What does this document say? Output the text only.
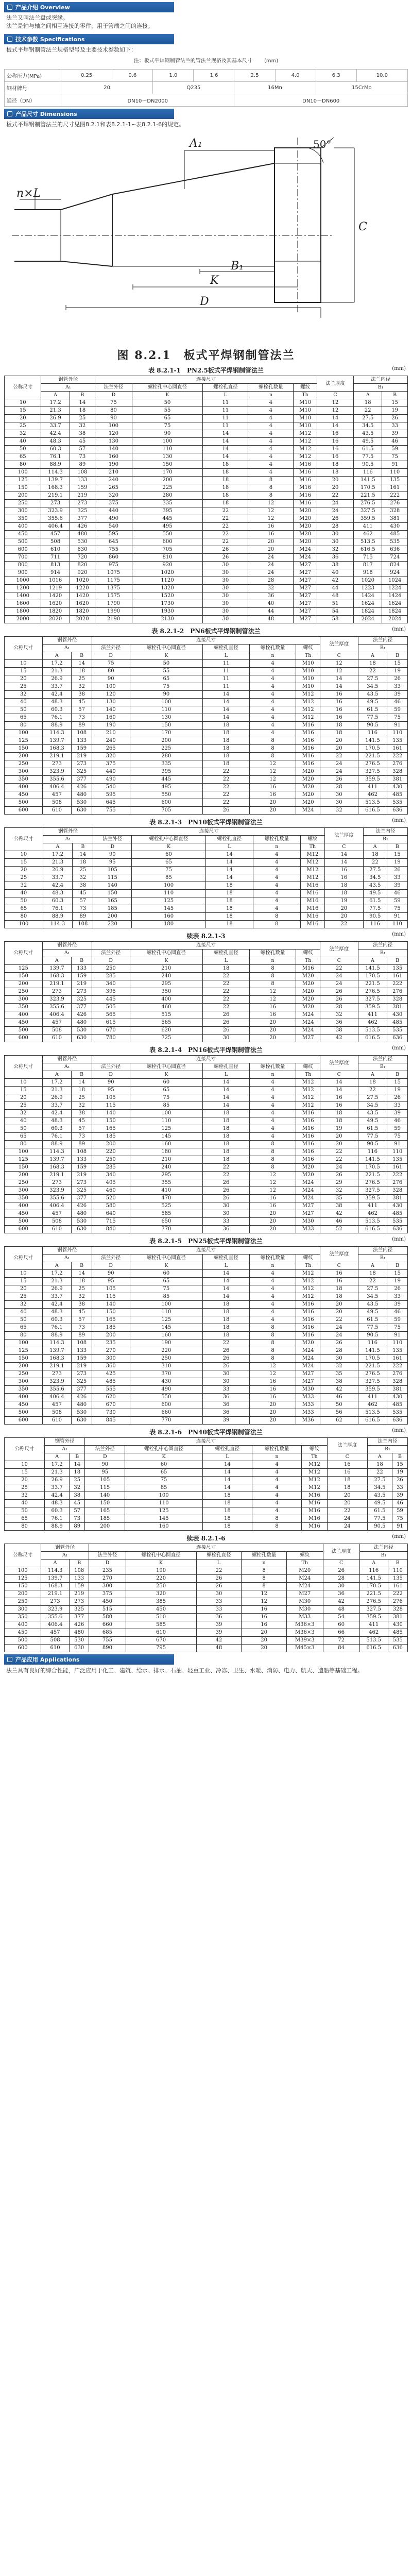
产品介绍 Overview
法兰又叫法兰盘或突缘。
法兰是轴与轴之间相互连接的零件，用于管端之间的连接。
技术参数 Specifications
板式平焊钢制管法兰规格型号及主要技术参数如下：
注：板式平焊钢制管法兰的管法兰规格及其基本尺寸 (mm)
公称压力(MPa)	0.25	0.6	1.0	1.6	2.5	4.0	6.3	10.0
钢材牌号	20		Q235		16Mn		15CrMo	
通径（DN）	DN10～DN2000				DN10～DN600			
产品尺寸 Dimensions
板式平焊钢制管法兰的尺寸见图8.2.1和表8.2.1-1~表8.2.1-6的规定。
A₁	50°
n×L
B₁
K
D
C
图 8.2.1　板式平焊钢制管法兰
表 8.2.1-1　PN2.5板式平焊钢制管法兰	(mm)
公称尺寸	钢管外径		连接尺寸					法兰厚度	法兰内径	
	A₁		法兰外径	螺栓孔中心圆直径	螺栓孔直径	螺栓孔数量	螺纹		B₁	
	A	B	D	K	L	n	Th	C	A	B
10	17.2	14	75	50	11	4	M10	12	18	15
15	21.3	18	80	55	11	4	M10	12	22	19
20	26.9	25	90	65	11	4	M10	14	27.5	26
25	33.7	32	100	75	11	4	M10	14	34.5	33
32	42.4	38	120	90	14	4	M12	16	43.5	39
40	48.3	45	130	100	14	4	M12	16	49.5	46
50	60.3	57	140	110	14	4	M12	16	61.5	59
65	76.1	73	160	130	14	4	M12	16	77.5	75
80	88.9	89	190	150	18	4	M16	18	90.5	91
100	114.3	108	210	170	18	4	M16	18	116	110
125	139.7	133	240	200	18	8	M16	20	141.5	135
150	168.3	159	265	225	18	8	M16	20	170.5	161
200	219.1	219	320	280	18	8	M16	22	221.5	222
250	273	273	375	335	18	12	M16	24	276.5	276
300	323.9	325	440	395	22	12	M20	24	327.5	328
350	355.6	377	490	445	22	12	M20	26	359.5	381
400	406.4	426	540	495	22	16	M20	28	411	430
450	457	480	595	550	22	16	M20	30	462	485
500	508	530	645	600	22	20	M20	30	513.5	535
600	610	630	755	705	26	20	M24	32	616.5	636
700	711	720	860	810	26	24	M24	36	715	724
800	813	820	975	920	30	24	M27	38	817	824
900	914	920	1075	1020	30	24	M27	40	918	924
1000	1016	1020	1175	1120	30	28	M27	42	1020	1024
1200	1219	1220	1375	1320	30	32	M27	44	1223	1224
1400	1420	1420	1575	1520	30	36	M27	48	1424	1424
1600	1620	1620	1790	1730	30	40	M27	51	1624	1624
1800	1820	1820	1990	1930	30	44	M27	54	1824	1824
2000	2020	2020	2190	2130	30	48	M27	58	2024	2024
表 8.2.1-2　PN6板式平焊钢制管法兰	(mm)
公称尺寸	钢管外径		连接尺寸					法兰厚度	法兰内径	
	A₁		法兰外径	螺栓孔中心圆直径	螺栓孔直径	螺栓孔数量	螺纹		B₁	
	A	B	D	K	L	n	Th	C	A	B
10	17.2	14	75	50	11	4	M10	12	18	15
15	21.3	18	80	55	11	4	M10	12	22	19
20	26.9	25	90	65	11	4	M10	14	27.5	26
25	33.7	32	100	75	11	4	M10	14	34.5	33
32	42.4	38	120	90	14	4	M12	16	43.5	39
40	48.3	45	130	100	14	4	M12	16	49.5	46
50	60.3	57	140	110	14	4	M12	16	61.5	59
65	76.1	73	160	130	14	4	M12	16	77.5	75
80	88.9	89	190	150	18	4	M16	18	90.5	91
100	114.3	108	210	170	18	4	M16	18	116	110
125	139.7	133	240	200	18	8	M16	20	141.5	135
150	168.3	159	265	225	18	8	M16	20	170.5	161
200	219.1	219	320	280	18	8	M16	22	221.5	222
250	273	273	375	335	18	12	M16	24	276.5	276
300	323.9	325	440	395	22	12	M20	24	327.5	328
350	355.6	377	490	445	22	12	M20	26	359.5	381
400	406.4	426	540	495	22	16	M20	28	411	430
450	457	480	595	550	22	16	M20	30	462	485
500	508	530	645	600	22	20	M20	30	513.5	535
600	610	630	755	705	26	20	M24	32	616.5	636
表 8.2.1-3　PN10板式平焊钢制管法兰	(mm)
公称尺寸	钢管外径		连接尺寸					法兰厚度	法兰内径	
	A₁		法兰外径	螺栓孔中心圆直径	螺栓孔直径	螺栓孔数量	螺纹		B₁	
	A	B	D	K	L	n	Th	C	A	B
10	17.2	14	90	60	14	4	M12	14	18	15
15	21.3	18	95	65	14	4	M12	14	22	19
20	26.9	25	105	75	14	4	M12	16	27.5	26
25	33.7	32	115	85	14	4	M12	16	34.5	33
32	42.4	38	140	100	18	4	M16	18	43.5	39
40	48.3	45	150	110	18	4	M16	18	49.5	46
50	60.3	57	165	125	18	4	M16	19	61.5	59
65	76.1	73	185	145	18	4	M16	20	77.5	75
80	88.9	89	200	160	18	8	M16	20	90.5	91
100	114.3	108	220	180	18	8	M16	22	116	110
续表 8.2.1-3	(mm)
公称尺寸	钢管外径		连接尺寸					法兰厚度	法兰内径	
	A₁		法兰外径	螺栓孔中心圆直径	螺栓孔直径	螺栓孔数量	螺纹		B₁	
	A	B	D	K	L	n	Th	C	A	B
125	139.7	133	250	210	18	8	M16	22	141.5	135
150	168.3	159	285	240	22	8	M20	24	170.5	161
200	219.1	219	340	295	22	8	M20	24	221.5	222
250	273	273	395	350	22	12	M20	26	276.5	276
300	323.9	325	445	400	22	12	M20	26	327.5	328
350	355.6	377	505	460	22	16	M20	28	359.5	381
400	406.4	426	565	515	26	16	M24	32	411	430
450	457	480	615	565	26	20	M24	36	462	485
500	508	530	670	620	26	20	M24	38	513.5	535
600	610	630	780	725	30	20	M27	42	616.5	636
表 8.2.1-4　PN16板式平焊钢制管法兰	(mm)
公称尺寸	钢管外径		连接尺寸					法兰厚度	法兰内径	
	A₁		法兰外径	螺栓孔中心圆直径	螺栓孔直径	螺栓孔数量	螺纹		B₁	
	A	B	D	K	L	n	Th	C	A	B
10	17.2	14	90	60	14	4	M12	14	18	15
15	21.3	18	95	65	14	4	M12	14	22	19
20	26.9	25	105	75	14	4	M12	16	27.5	26
25	33.7	32	115	85	14	4	M12	16	34.5	33
32	42.4	38	140	100	18	4	M16	18	43.5	39
40	48.3	45	150	110	18	4	M16	18	49.5	46
50	60.3	57	165	125	18	4	M16	19	61.5	59
65	76.1	73	185	145	18	4	M16	20	77.5	75
80	88.9	89	200	160	18	8	M16	20	90.5	91
100	114.3	108	220	180	18	8	M16	22	116	110
125	139.7	133	250	210	18	8	M16	22	141.5	135
150	168.3	159	285	240	22	8	M20	24	170.5	161
200	219.1	219	340	295	22	12	M20	26	221.5	222
250	273	273	405	355	26	12	M24	29	276.5	276
300	323.9	325	460	410	26	12	M24	32	327.5	328
350	355.6	377	520	470	26	16	M24	35	359.5	381
400	406.4	426	580	525	30	16	M27	38	411	430
450	457	480	640	585	30	20	M27	42	462	485
500	508	530	715	650	33	20	M30	46	513.5	535
600	610	630	840	770	36	20	M33	52	616.5	636
表 8.2.1-5　PN25板式平焊钢制管法兰	(mm)
公称尺寸	钢管外径		连接尺寸					法兰厚度	法兰内径	
	A₁		法兰外径	螺栓孔中心圆直径	螺栓孔直径	螺栓孔数量	螺纹		B₁	
	A	B	D	K	L	n	Th	C	A	B
10	17.2	14	90	60	14	4	M12	16	18	15
15	21.3	18	95	65	14	4	M12	16	22	19
20	26.9	25	105	75	14	4	M12	18	27.5	26
25	33.7	32	115	85	14	4	M12	18	34.5	33
32	42.4	38	140	100	18	4	M16	20	43.5	39
40	48.3	45	150	110	18	4	M16	20	49.5	46
50	60.3	57	165	125	18	4	M16	22	61.5	59
65	76.1	73	185	145	18	8	M16	24	77.5	75
80	88.9	89	200	160	18	8	M16	24	90.5	91
100	114.3	108	235	190	22	8	M20	26	116	110
125	139.7	133	270	220	26	8	M24	28	141.5	135
150	168.3	159	300	250	26	8	M24	30	170.5	161
200	219.1	219	360	310	26	12	M24	32	221.5	222
250	273	273	425	370	30	12	M27	35	276.5	276
300	323.9	325	485	430	30	16	M27	38	327.5	328
350	355.6	377	555	490	33	16	M30	42	359.5	381
400	406.4	426	620	550	36	16	M33	46	411	430
450	457	480	670	600	36	20	M33	50	462	485
500	508	530	730	660	36	20	M33	56	513.5	535
600	610	630	845	770	39	20	M36	62	616.5	636
表 8.2.1-6　PN40板式平焊钢制管法兰	(mm)
公称尺寸	钢管外径		连接尺寸					法兰厚度	法兰内径	
	A₁		法兰外径	螺栓孔中心圆直径	螺栓孔直径	螺栓孔数量	螺纹		B₁	
	A	B	D	K	L	n	Th	C	A	B
10	17.2	14	90	60	14	4	M12	16	18	15
15	21.3	18	95	65	14	4	M12	16	22	19
20	26.9	25	105	75	14	4	M12	18	27.5	26
25	33.7	32	115	85	14	4	M12	18	34.5	33
32	42.4	38	140	100	18	4	M16	20	43.5	39
40	48.3	45	150	110	18	4	M16	20	49.5	46
50	60.3	57	165	125	18	4	M16	22	61.5	59
65	76.1	73	185	145	18	8	M16	24	77.5	75
80	88.9	89	200	160	18	8	M16	24	90.5	91
续表 8.2.1-6	(mm)
公称尺寸	钢管外径		连接尺寸					法兰厚度	法兰内径	
	A₁		法兰外径	螺栓孔中心圆直径	螺栓孔直径	螺栓孔数量	螺纹		B₁	
	A	B	D	K	L	n	Th	C	A	B
100	114.3	108	235	190	22	8	M20	26	116	110
125	139.7	133	270	220	26	8	M24	28	141.5	135
150	168.3	159	300	250	26	8	M24	30	170.5	161
200	219.1	219	375	320	30	12	M27	36	221.5	222
250	273	273	450	385	33	12	M30	42	276.5	276
300	323.9	325	515	450	33	16	M30	48	327.5	328
350	355.6	377	580	510	36	16	M33	54	359.5	381
400	406.4	426	660	585	39	16	M36×3	60	411	430
450	457	480	685	610	39	20	M36×3	66	462	485
500	508	530	755	670	42	20	M39×3	72	513.5	535
600	610	630	890	795	48	20	M45×3	84	616.5	636
产品应用 Applications
法兰具有良好的综合性能，广泛应用于化工、建筑、给水、排水、石油、轻重工业、冷冻、卫生、水暖、消防、电力、航天、造船等基础工程。
